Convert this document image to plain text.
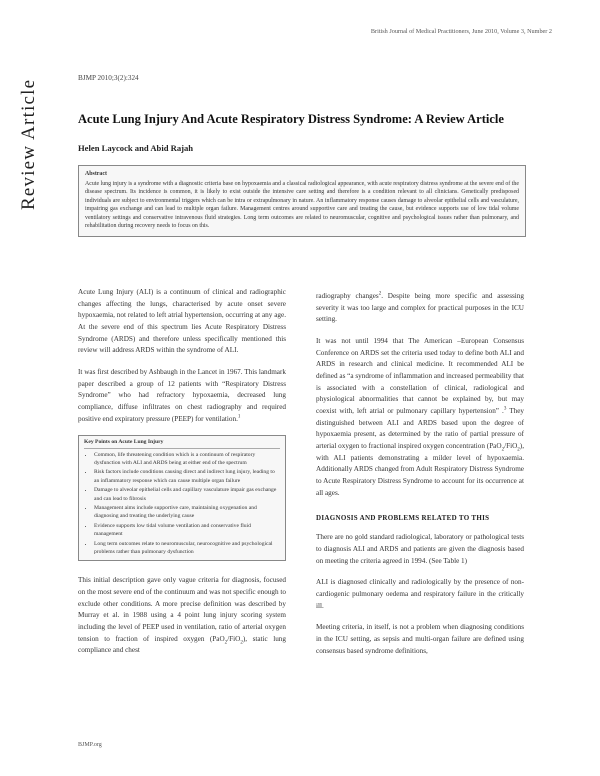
British Journal of Medical Practitioners, June 2010, Volume 3, Number 2
Review Article
BJMP 2010;3(2):324
Acute Lung Injury And Acute Respiratory Distress Syndrome: A Review Article
Helen Laycock and Abid Rajah
Abstract
Acute lung injury is a syndrome with a diagnostic criteria base on hypoxaemia and a classical radiological appearance, with acute respiratory distress syndrome at the severe end of the disease spectrum. Its incidence is common, it is likely to exist outside the intensive care setting and therefore is a condition relevant to all clinicians. Genetically predisposed individuals are subject to environmental triggers which can be intra or extrapulmonary in nature. An inflammatory response causes damage to alveolar epithelial cells and vasculature, impairing gas exchange and can lead to multiple organ failure. Management centres around supportive care and treating the cause, but evidence supports use of low tidal volume ventilatory settings and conservative intravenous fluid strategies. Long term outcomes are related to neuromuscular, cognitive and psychological issues rather than pulmonary, and rehabilitation during recovery needs to focus on this.

Acute Lung Injury (ALI) is a continuum of clinical and radiographic changes affecting the lungs, characterised by acute onset severe hypoxaemia, not related to left atrial hypertension, occurring at any age. At the severe end of this spectrum lies Acute Respiratory Distress Syndrome (ARDS) and therefore unless specifically mentioned this review will address ARDS within the syndrome of ALI.

It was first described by Ashbaugh in the Lancet in 1967. This landmark paper described a group of 12 patients with “Respiratory Distress Syndrome” who had refractory hypoxaemia, decreased lung compliance, diffuse infiltrates on chest radiography and required positive end expiratory pressure (PEEP) for ventilation.$^1$

Key Points on Acute Lung Injury
• Common, life threatening condition which is a continuum of respiratory dysfunction with ALI and ARDS being at either end of the spectrum
• Risk factors include conditions causing direct and indirect lung injury, leading to an inflammatory response which can cause multiple organ failure
• Damage to alveolar epithelial cells and capillary vasculature impair gas exchange and can lead to fibrosis
• Management aims include supportive care, maintaining oxygenation and diagnosing and treating the underlying cause
• Evidence supports low tidal volume ventilation and conservative fluid management
• Long term outcomes relate to neuromuscular, neurocognitive and psychological problems rather than pulmonary dysfunction

This initial description gave only vague criteria for diagnosis, focused on the most severe end of the continuum and was not specific enough to exclude other conditions. A more precise definition was described by Murray et al. in 1988 using a 4 point lung injury scoring system including the level of PEEP used in ventilation, ratio of arterial oxygen tension to fraction of inspired oxygen (PaO$_2$/FiO$_2$), static lung compliance and chest

radiography changes$^2$. Despite being more specific and assessing severity it was too large and complex for practical purposes in the ICU setting.

It was not until 1994 that The American –European Consensus Conference on ARDS set the criteria used today to define both ALI and ARDS in research and clinical medicine. It recommended ALI be defined as “a syndrome of inflammation and increased permeability that is associated with a constellation of clinical, radiological and physiological abnormalities that cannot be explained by, but may coexist with, left atrial or pulmonary capillary hypertension” .$^3$ They distinguished between ALI and ARDS based upon the degree of hypoxaemia present, as determined by the ratio of partial pressure of arterial oxygen to fractional inspired oxygen concentration (PaO$_2$/FiO$_2$), with ALI patients demonstrating a milder level of hypoxaemia. Additionally ARDS changed from Adult Respiratory Distress Syndrome to Acute Respiratory Distress Syndrome to account for its occurrence at all ages.

DIAGNOSIS AND PROBLEMS RELATED TO THIS

There are no gold standard radiological, laboratory or pathological tests to diagnosis ALI and ARDS and patients are given the diagnosis based on meeting the criteria agreed in 1994. (See Table 1)

ALI is diagnosed clinically and radiologically by the presence of non-cardiogenic pulmonary oedema and respiratory failure in the critically ill.

Meeting criteria, in itself, is not a problem when diagnosing conditions in the ICU setting, as sepsis and multi-organ failure are defined using consensus based syndrome definitions,

BJMP.org
